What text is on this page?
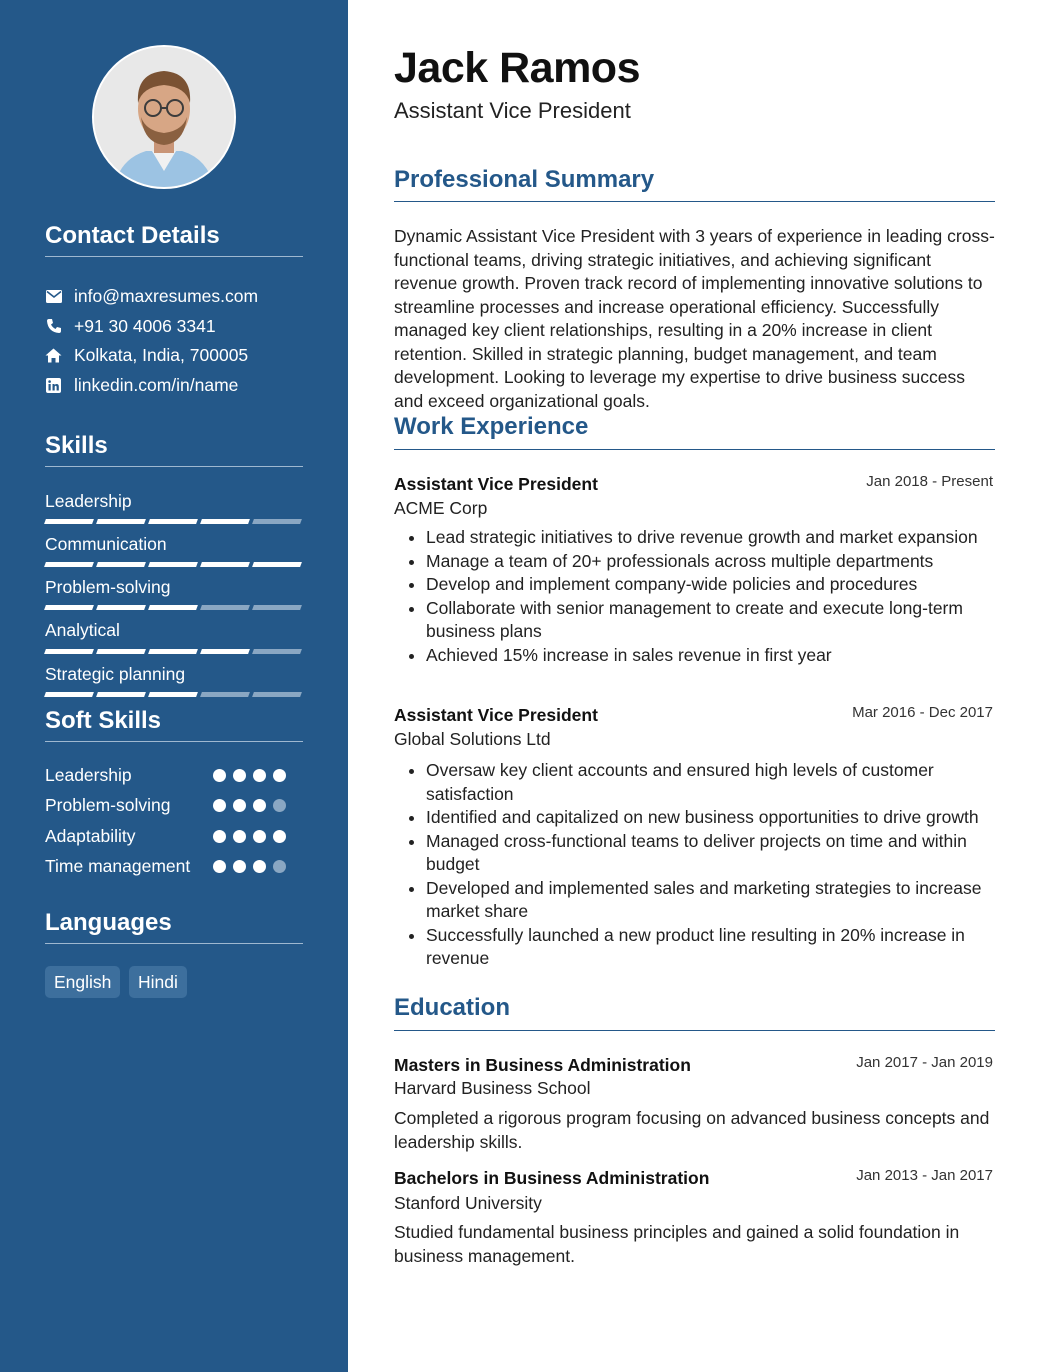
Contact Details
info@maxresumes.com
+91 30 4006 3341
Kolkata, India, 700005
linkedin.com/in/name
Skills
Leadership
Communication
Problem-solving
Analytical
Strategic planning
Soft Skills
Leadership
Problem-solving
Adaptability
Time management
Languages
English	Hindi
Jack Ramos
Assistant Vice President
Professional Summary
Dynamic Assistant Vice President with 3 years of experience in leading cross-functional teams, driving strategic initiatives, and achieving significant revenue growth. Proven track record of implementing innovative solutions to streamline processes and increase operational efficiency. Successfully managed key client relationships, resulting in a 20% increase in client retention. Skilled in strategic planning, budget management, and team development. Looking to leverage my expertise to drive business success and exceed organizational goals.
Work Experience
Assistant Vice President	Jan 2018 - Present
ACME Corp
• Lead strategic initiatives to drive revenue growth and market expansion
• Manage a team of 20+ professionals across multiple departments
• Develop and implement company-wide policies and procedures
• Collaborate with senior management to create and execute long-term business plans
• Achieved 15% increase in sales revenue in first year
Assistant Vice President	Mar 2016 - Dec 2017
Global Solutions Ltd
• Oversaw key client accounts and ensured high levels of customer satisfaction
• Identified and capitalized on new business opportunities to drive growth
• Managed cross-functional teams to deliver projects on time and within budget
• Developed and implemented sales and marketing strategies to increase market share
• Successfully launched a new product line resulting in 20% increase in revenue
Education
Masters in Business Administration	Jan 2017 - Jan 2019
Harvard Business School
Completed a rigorous program focusing on advanced business concepts and leadership skills.
Bachelors in Business Administration	Jan 2013 - Jan 2017
Stanford University
Studied fundamental business principles and gained a solid foundation in business management.
